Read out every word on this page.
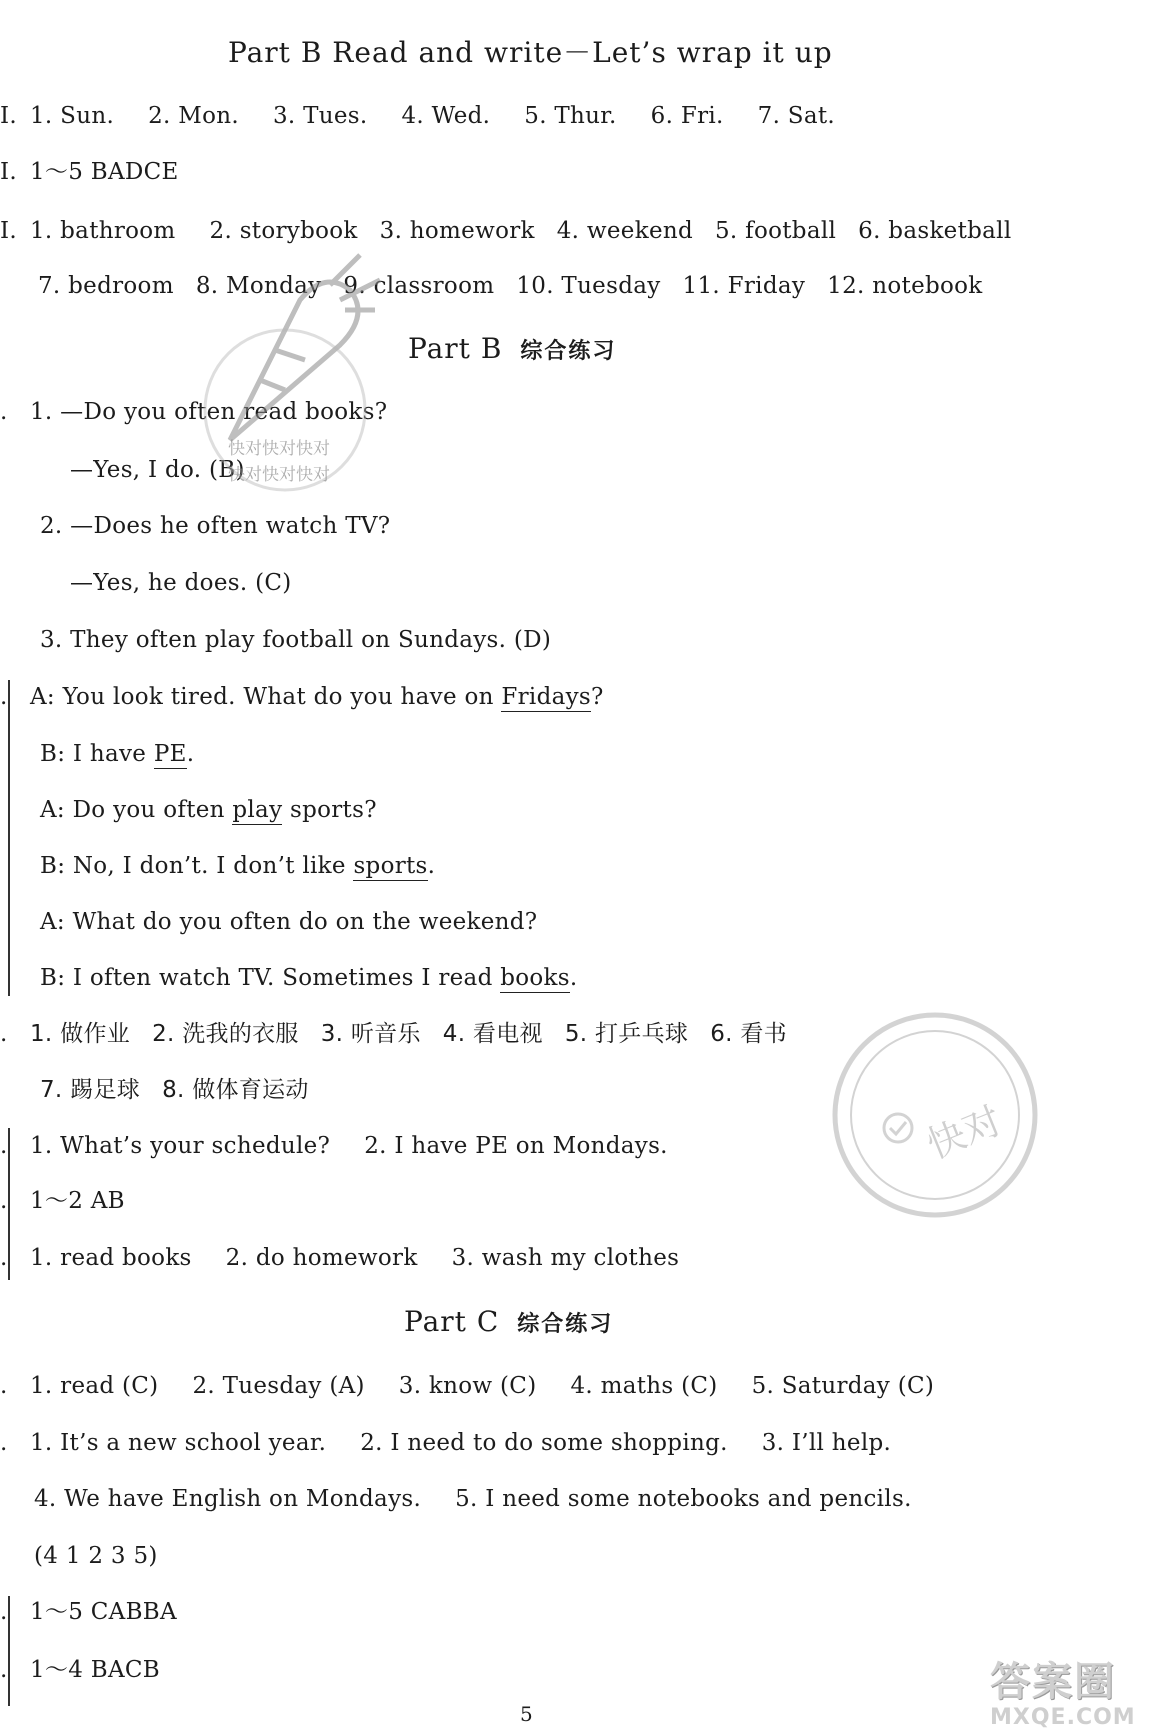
Part B Read and write－Let’s wrap it up
I. 1. Sun. 2. Mon. 3. Tues. 4. Wed. 5. Thur. 6. Fri. 7. Sat.
I. 1～5 BADCE
I. 1. bathroom 2. storybook 3. homework 4. weekend 5. football 6. basketball
7. bedroom 8. Monday 9. classroom 10. Tuesday 11. Friday 12. notebook
Part B 综合练习
. 1. —Do you often read books?
—Yes, I do. (B)
2. —Does he often watch TV?
—Yes, he does. (C)
3. They often play football on Sundays. (D)
. A: You look tired. What do you have on Fridays?
B: I have PE.
A: Do you often play sports?
B: No, I don’t. I don’t like sports.
A: What do you often do on the weekend?
B: I often watch TV. Sometimes I read books.
. 1. 做作业 2. 洗我的衣服 3. 听音乐 4. 看电视 5. 打乒乓球 6. 看书
7. 踢足球 8. 做体育运动
. 1. What’s your schedule? 2. I have PE on Mondays.
. 1～2 AB
. 1. read books 2. do homework 3. wash my clothes
Part C 综合练习
. 1. read (C) 2. Tuesday (A) 3. know (C) 4. maths (C) 5. Saturday (C)
. 1. It’s a new school year. 2. I need to do some shopping. 3. I’ll help.
4. We have English on Mondays. 5. I need some notebooks and pencils.
(4 1 2 3 5)
. 1～5 CABBA
. 1～4 BACB
5
快对快对快对
快对快对快对
快对
答案圈
MXQE.COM
